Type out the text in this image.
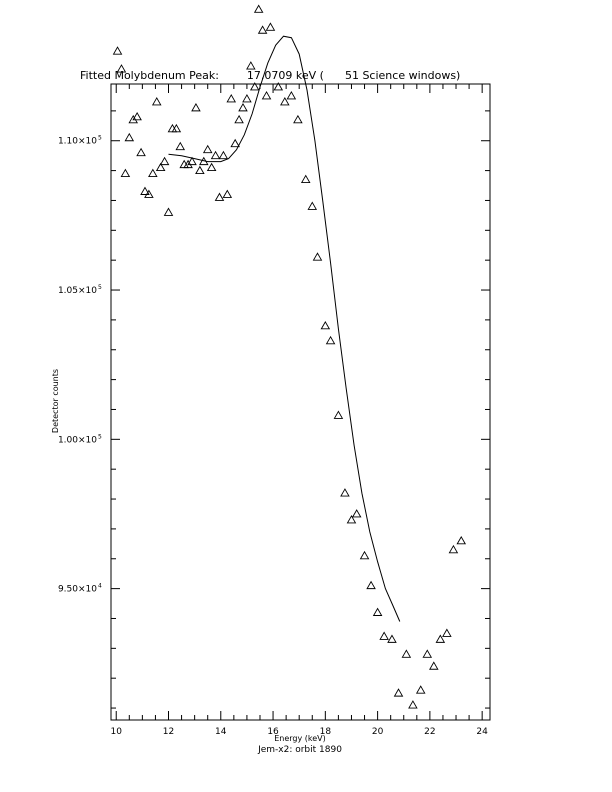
Fitted Molybdenum Peak:        17.0709 keV (      51 Science windows)
10	12	14	16	18	20	22	24
9.50×10 4
1.00×10 5
1.05×10 5
1.10×10 5
Energy (keV)
Jem-x2: orbit 1890
Detector counts
